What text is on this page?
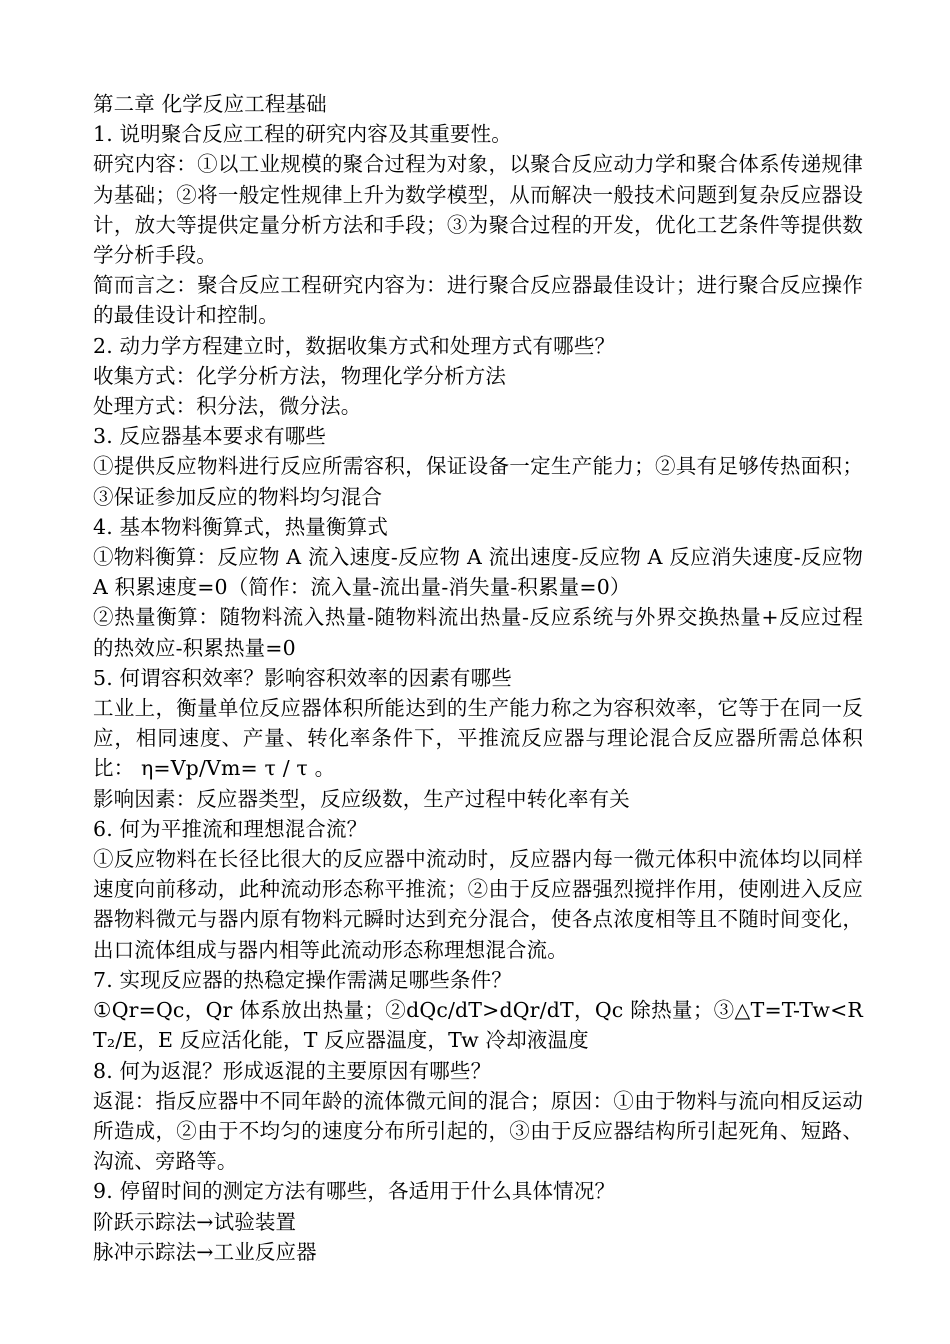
第二章 化学反应工程基础

1. 说明聚合反应工程的研究内容及其重要性。

研究内容：①以工业规模的聚合过程为对象，以聚合反应动力学和聚合体系传递规律为基础；②将一般定性规律上升为数学模型，从而解决一般技术问题到复杂反应器设计，放大等提供定量分析方法和手段；③为聚合过程的开发，优化工艺条件等提供数学分析手段。

简而言之：聚合反应工程研究内容为：进行聚合反应器最佳设计；进行聚合反应操作的最佳设计和控制。

2. 动力学方程建立时，数据收集方式和处理方式有哪些？

收集方式：化学分析方法，物理化学分析方法

处理方式：积分法，微分法。

3. 反应器基本要求有哪些

①提供反应物料进行反应所需容积，保证设备一定生产能力；②具有足够传热面积；③保证参加反应的物料均匀混合

4. 基本物料衡算式，热量衡算式

①物料衡算：反应物 A 流入速度-反应物 A 流出速度-反应物 A 反应消失速度-反应物 A 积累速度=0（简作：流入量-流出量-消失量-积累量=0）

②热量衡算：随物料流入热量-随物料流出热量-反应系统与外界交换热量+反应过程的热效应-积累热量=0

5. 何谓容积效率？影响容积效率的因素有哪些

工业上，衡量单位反应器体积所能达到的生产能力称之为容积效率，它等于在同一反应，相同速度、产量、转化率条件下，平推流反应器与理论混合反应器所需总体积比： η=Vp/Vm= τ / τ 。

影响因素：反应器类型，反应级数，生产过程中转化率有关

6. 何为平推流和理想混合流？

①反应物料在长径比很大的反应器中流动时，反应器内每一微元体积中流体均以同样速度向前移动，此种流动形态称平推流；②由于反应器强烈搅拌作用，使刚进入反应器物料微元与器内原有物料元瞬时达到充分混合，使各点浓度相等且不随时间变化，出口流体组成与器内相等此流动形态称理想混合流。

7. 实现反应器的热稳定操作需满足哪些条件？

①Qr=Qc，Qr 体系放出热量；②dQc/dT>dQr/dT，Qc 除热量；③△T=T-Tw<RT₂/E，E 反应活化能，T 反应器温度，Tw 冷却液温度

8. 何为返混？形成返混的主要原因有哪些？

返混：指反应器中不同年龄的流体微元间的混合；原因：①由于物料与流向相反运动所造成，②由于不均匀的速度分布所引起的，③由于反应器结构所引起死角、短路、沟流、旁路等。

9. 停留时间的测定方法有哪些，各适用于什么具体情况？

阶跃示踪法→试验装置

脉冲示踪法→工业反应器
